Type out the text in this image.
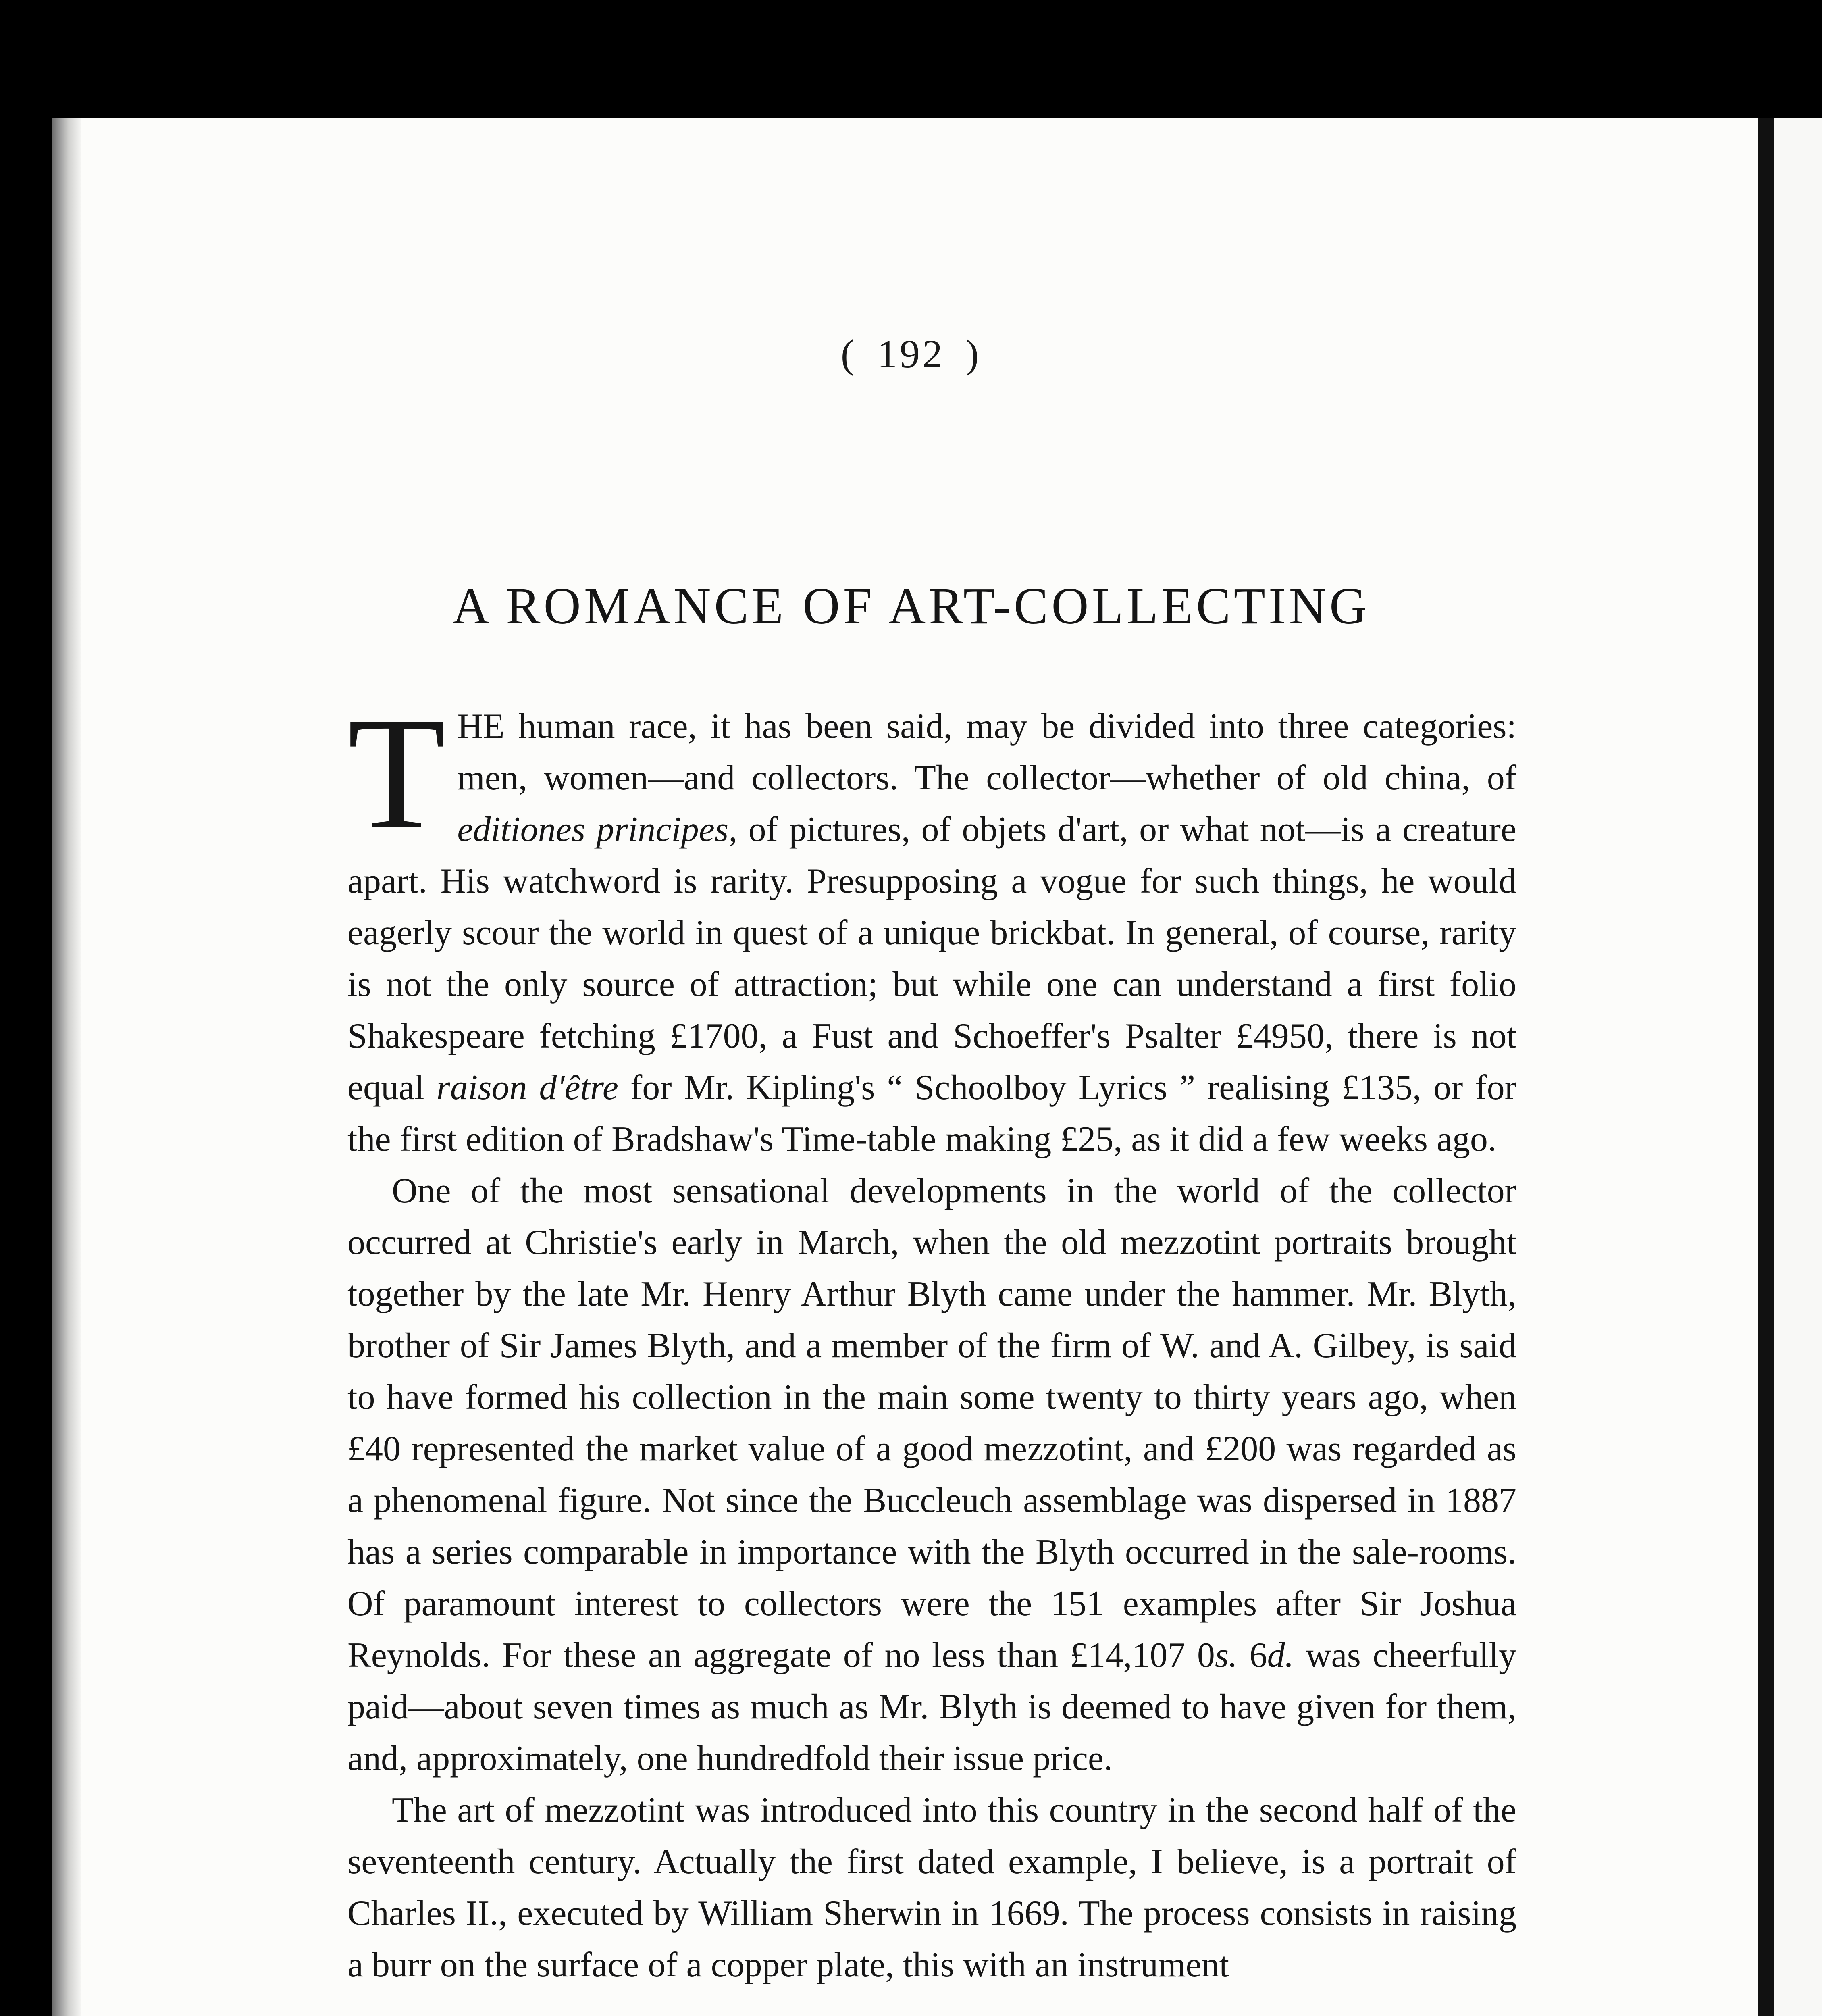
( 192 )
A ROMANCE OF ART-COLLECTING

THE human race, it has been said, may be divided into three categories: men, women—and collectors. The collector—whether of old china, of editiones principes, of pictures, of objets d'art, or what not—is a creature apart. His watchword is rarity. Presupposing a vogue for such things, he would eagerly scour the world in quest of a unique brickbat. In general, of course, rarity is not the only source of attraction; but while one can understand a first folio Shakespeare fetching £1700, a Fust and Schoeffer's Psalter £4950, there is not equal raison d'être for Mr. Kipling's “ Schoolboy Lyrics ” realising £135, or for the first edition of Bradshaw's Time-table making £25, as it did a few weeks ago.

One of the most sensational developments in the world of the collector occurred at Christie's early in March, when the old mezzotint portraits brought together by the late Mr. Henry Arthur Blyth came under the hammer. Mr. Blyth, brother of Sir James Blyth, and a member of the firm of W. and A. Gilbey, is said to have formed his collection in the main some twenty to thirty years ago, when £40 represented the market value of a good mezzotint, and £200 was regarded as a phenomenal figure. Not since the Buccleuch assemblage was dispersed in 1887 has a series comparable in importance with the Blyth occurred in the sale-rooms. Of paramount interest to collectors were the 151 examples after Sir Joshua Reynolds. For these an aggregate of no less than £14,107 0s. 6d. was cheerfully paid—about seven times as much as Mr. Blyth is deemed to have given for them, and, approximately, one hundredfold their issue price.

The art of mezzotint was introduced into this country in the second half of the seventeenth century. Actually the first dated example, I believe, is a portrait of Charles II., executed by William Sherwin in 1669. The process consists in raising a burr on the surface of a copper plate, this with an instrument
